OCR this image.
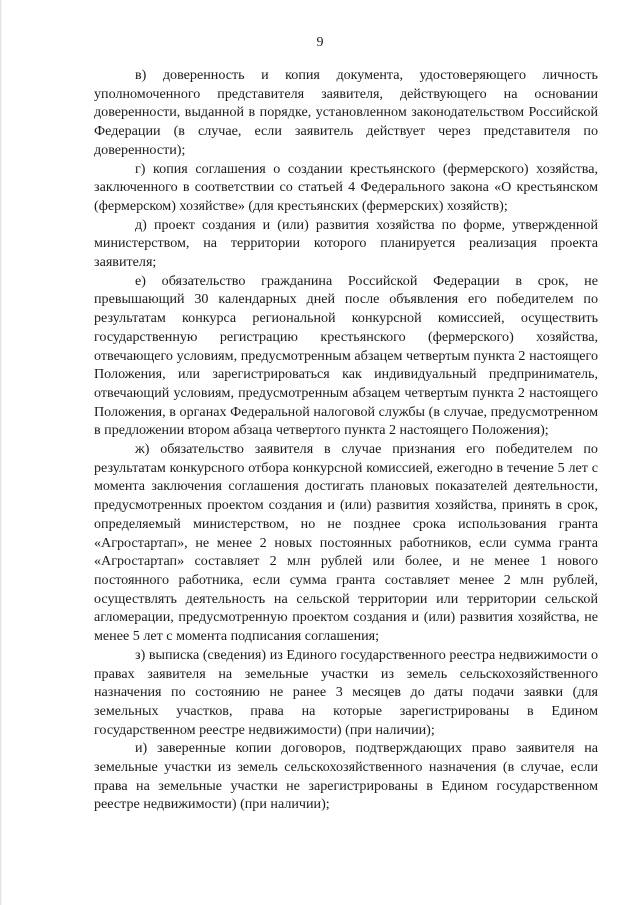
9

в) доверенность и копия документа, удостоверяющего личность уполномоченного представителя заявителя, действующего на основании доверенности, выданной в порядке, установленном законодательством Российской Федерации (в случае, если заявитель действует через представителя по доверенности);

г) копия соглашения о создании крестьянского (фермерского) хозяйства, заключенного в соответствии со статьей 4 Федерального закона «О крестьянском (фермерском) хозяйстве» (для крестьянских (фермерских) хозяйств);

д) проект создания и (или) развития хозяйства по форме, утвержденной министерством, на территории которого планируется реализация проекта заявителя;

е) обязательство гражданина Российской Федерации в срок, не превышающий 30 календарных дней после объявления его победителем по результатам конкурса региональной конкурсной комиссией, осуществить государственную регистрацию крестьянского (фермерского) хозяйства, отвечающего условиям, предусмотренным абзацем четвертым пункта 2 настоящего Положения, или зарегистрироваться как индивидуальный предприниматель, отвечающий условиям, предусмотренным абзацем четвертым пункта 2 настоящего Положения, в органах Федеральной налоговой службы (в случае, предусмотренном в предложении втором абзаца четвертого пункта 2 настоящего Положения);

ж) обязательство заявителя в случае признания его победителем по результатам конкурсного отбора конкурсной комиссией, ежегодно в течение 5 лет с момента заключения соглашения достигать плановых показателей деятельности, предусмотренных проектом создания и (или) развития хозяйства, принять в срок, определяемый министерством, но не позднее срока использования гранта «Агростартап», не менее 2 новых постоянных работников, если сумма гранта «Агростартап» составляет 2 млн рублей или более, и не менее 1 нового постоянного работника, если сумма гранта составляет менее 2 млн рублей, осуществлять деятельность на сельской территории или территории сельской агломерации, предусмотренную проектом создания и (или) развития хозяйства, не менее 5 лет с момента подписания соглашения;

з) выписка (сведения) из Единого государственного реестра недвижимости о правах заявителя на земельные участки из земель сельскохозяйственного назначения по состоянию не ранее 3 месяцев до даты подачи заявки (для земельных участков, права на которые зарегистрированы в Едином государственном реестре недвижимости) (при наличии);

и) заверенные копии договоров, подтверждающих право заявителя на земельные участки из земель сельскохозяйственного назначения (в случае, если права на земельные участки не зарегистрированы в Едином государственном реестре недвижимости) (при наличии);
